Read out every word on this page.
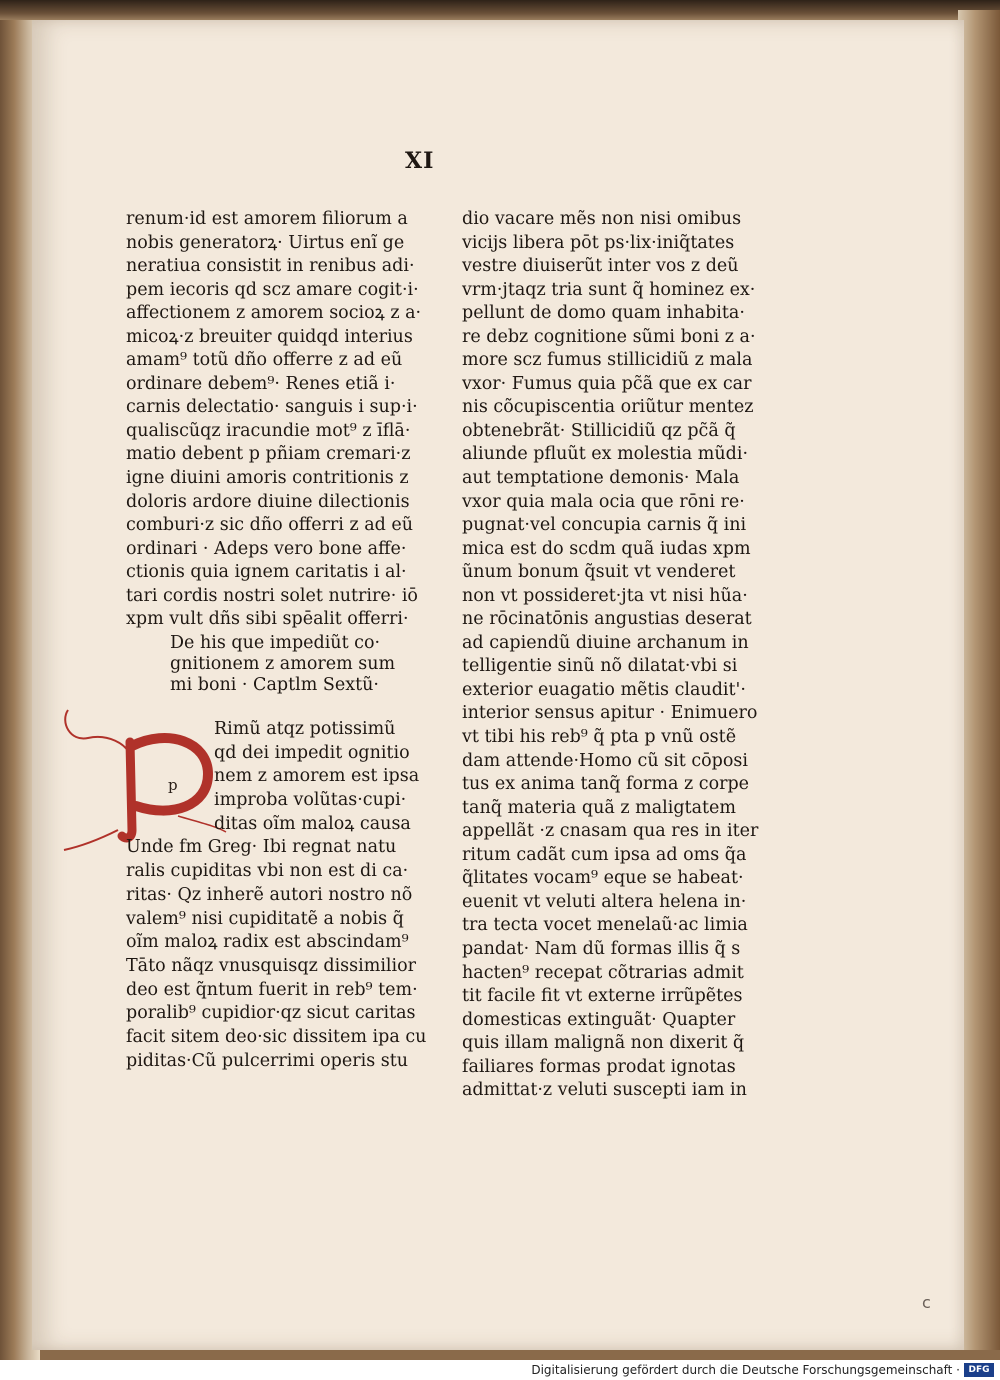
XI
renum·id est amorem filiorum a
nobis generatorꝝ· Uirtus enĩ ge
neratiua consistit in renibus adi·
pem iecoris qd scz amare cogit·i·
affectionem z amorem socioꝝ z a·
micoꝝ·z breuiter quidqd interius
amam⁹ totũ dño offerre z ad eũ
ordinare debem⁹· Renes etiã i·
carnis delectatio· sanguis i sup·i·
qualiscũqz iracundie mot⁹ z īflā·
matio debent p pñiam cremari·z
igne diuini amoris contritionis z
doloris ardore diuine dilectionis
comburi·z sic dño offerri z ad eũ
ordinari · Adeps vero bone affe·
ctionis quia ignem caritatis i al·
tari cordis nostri solet nutrire· iō
xpm vult dñs sibi spēalit offerri·
De his que impediũt co·
gnitionem z amorem sum
mi boni · Captlm Sextũ·
p
Rimũ atqz potissimũ
qd dei impedit ognitio
nem z amorem est ipsa
improba volũtas·cupi·
ditas oĩm maloꝝ causa
Unde fm Greg· Ibi regnat natu
ralis cupiditas vbi non est di ca·
ritas· Qz inherẽ autori nostro nõ
valem⁹ nisi cupiditatẽ a nobis q̃
oĩm maloꝝ radix est abscindam⁹
Tāto nãqz vnusquisqz dissimilior
deo est q̃ntum fuerit in reb⁹ tem·
poralib⁹ cupidior·qz sicut caritas
facit sitem deo·sic dissitem ipa cu
piditas·Cũ pulcerrimi operis stu
dio vacare mẽs non nisi omibus
vicijs libera pōt ps·lix·iniq̃tates
vestre diuiserũt inter vos z deũ
vrm·jtaqz tria sunt q̃ hominez ex·
pellunt de domo quam inhabita·
re debz cognitione sũmi boni z a·
more scz fumus stillicidiũ z mala
vxor· Fumus quia pc̃ã que ex car
nis cõcupiscentia oriũtur mentez
obtenebrãt· Stillicidiũ qz pc̃ã q̃
aliunde pfluũt ex molestia mũdi·
aut temptatione demonis· Mala
vxor quia mala ocia que rōni re·
pugnat·vel concupia carnis q̃ ini
mica est do scdm quã iudas xpm
ũnum bonum q̃suit vt venderet
non vt possideret·jta vt nisi hũa·
ne rōcinatōnis angustias deserat
ad capiendũ diuine archanum in
telligentie sinũ nõ dilatat·vbi si
exterior euagatio mẽtis claudit'·
interior sensus apitur · Enimuero
vt tibi his reb⁹ q̃ pta p vnũ ostẽ
dam attende·Homo cũ sit cōposi
tus ex anima tanq̃ forma z corpe
tanq̃ materia quã z maligtatem
appellãt ·z cnasam qua res in iter
ritum cadãt cum ipsa ad oms q̃a
q̃litates vocam⁹ eque se habeat·
euenit vt veluti altera helena in·
tra tecta vocet menelaũ·ac limia
pandat· Nam dũ formas illis q̃ s
hacten⁹ recepat cõtrarias admit
tit facile fit vt externe irrũpẽtes
domesticas extinguãt· Quapter
quis illam malignã non dixerit q̃
failiares formas prodat ignotas
admittat·z veluti suscepti iam in
c
Digitalisierung gefördert durch die Deutsche Forschungsgemeinschaft · DFG
